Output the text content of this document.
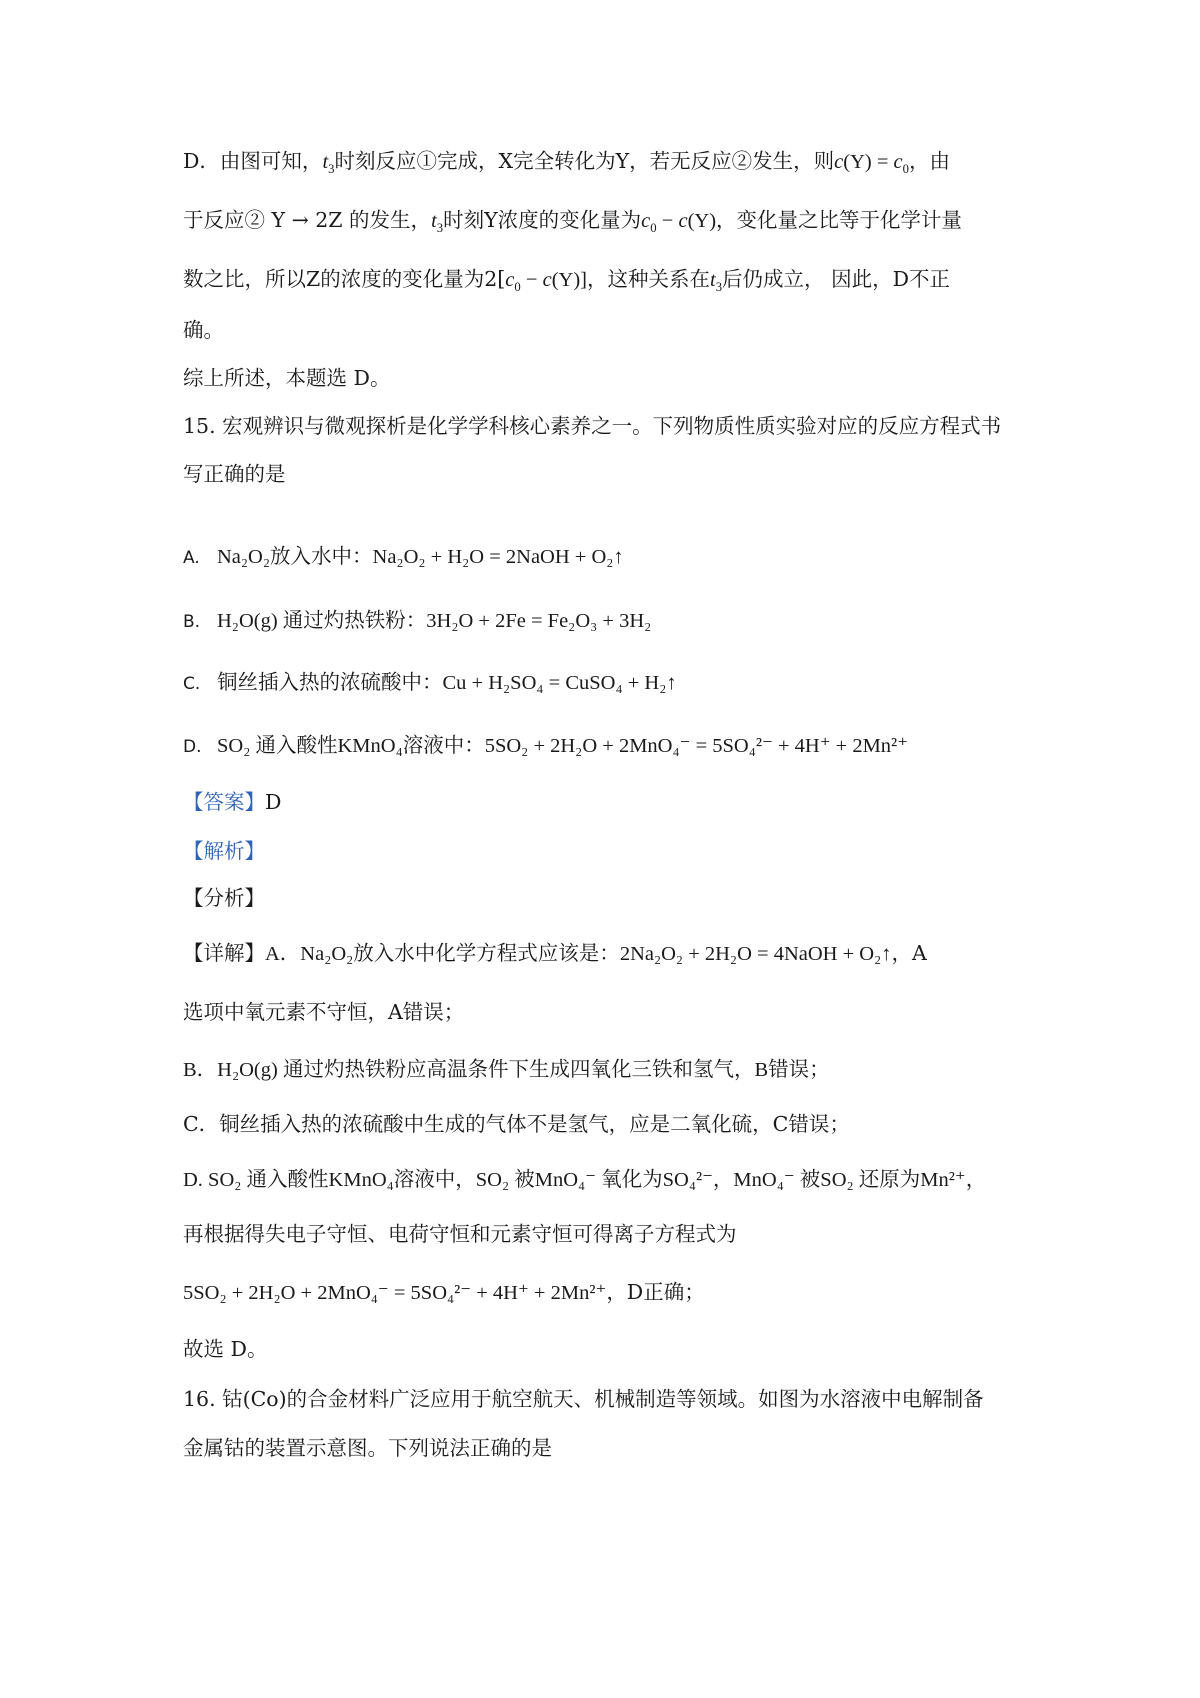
D．由图可知，$t_3$时刻反应①完成，X完全转化为Y，若无反应②发生，则$c(Y) = c_0$，由
于反应② Y → 2Z 的发生，$t_3$时刻Y浓度的变化量为$c_0 - c(Y)$，变化量之比等于化学计量
数之比，所以Z的浓度的变化量为$2[c_0 - c(Y)]$，这种关系在$t_3$后仍成立， 因此，D不正
确。
综上所述，本题选 D。
15. 宏观辨识与微观探析是化学学科核心素养之一。下列物质性质实验对应的反应方程式书
写正确的是
A. Na₂O₂放入水中：Na₂O₂ + H₂O = 2NaOH + O₂↑
B. H₂O(g) 通过灼热铁粉：3H₂O + 2Fe = Fe₂O₃ + 3H₂
C. 铜丝插入热的浓硫酸中：Cu + H₂SO₄ = CuSO₄ + H₂↑
D. SO₂ 通入酸性KMnO₄溶液中：5SO₂ + 2H₂O + 2MnO₄⁻ = 5SO₄²⁻ + 4H⁺ + 2Mn²⁺
【答案】D
【解析】
【分析】
【详解】A．Na₂O₂放入水中化学方程式应该是：2Na₂O₂ + 2H₂O = 4NaOH + O₂↑，A
选项中氧元素不守恒，A错误；
B．H₂O(g) 通过灼热铁粉应高温条件下生成四氧化三铁和氢气，B错误；
C．铜丝插入热的浓硫酸中生成的气体不是氢气，应是二氧化硫，C错误；
D. SO₂ 通入酸性KMnO₄溶液中，SO₂ 被MnO₄⁻ 氧化为SO₄²⁻，MnO₄⁻ 被SO₂ 还原为Mn²⁺，
再根据得失电子守恒、电荷守恒和元素守恒可得离子方程式为
5SO₂ + 2H₂O + 2MnO₄⁻ = 5SO₄²⁻ + 4H⁺ + 2Mn²⁺，D正确；
故选 D。
16. 钴(Co)的合金材料广泛应用于航空航天、机械制造等领域。如图为水溶液中电解制备
金属钴的装置示意图。下列说法正确的是
